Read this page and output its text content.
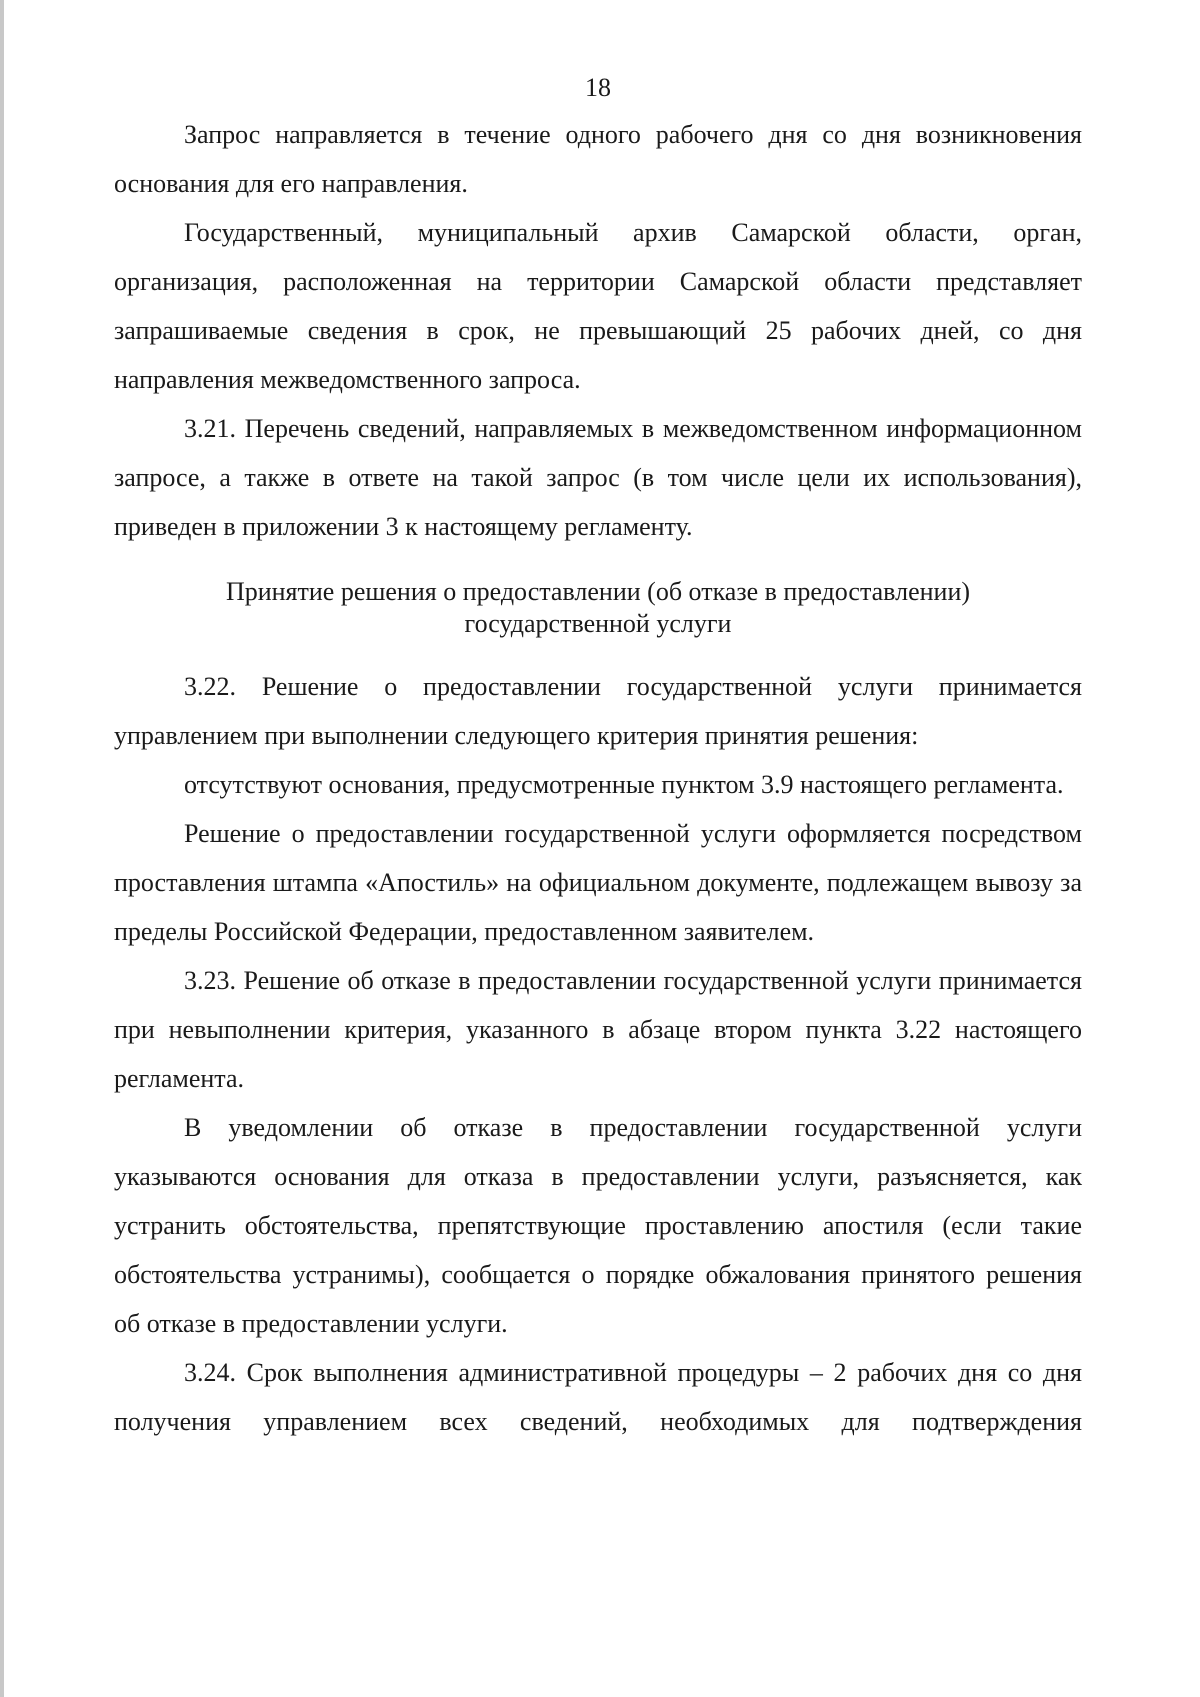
18

Запрос направляется в течение одного рабочего дня со дня возникновения основания для его направления.

Государственный, муниципальный архив Самарской области, орган, организация, расположенная на территории Самарской области представляет запрашиваемые сведения в срок, не превышающий 25 рабочих дней, со дня направления межведомственного запроса.

3.21. Перечень сведений, направляемых в межведомственном информационном запросе, а также в ответе на такой запрос (в том числе цели их использования), приведен в приложении 3 к настоящему регламенту.

Принятие решения о предоставлении (об отказе в предоставлении)
государственной услуги

3.22. Решение о предоставлении государственной услуги принимается управлением при выполнении следующего критерия принятия решения:

отсутствуют основания, предусмотренные пунктом 3.9 настоящего регламента.

Решение о предоставлении государственной услуги оформляется посредством проставления штампа «Апостиль» на официальном документе, подлежащем вывозу за пределы Российской Федерации, предоставленном заявителем.

3.23. Решение об отказе в предоставлении государственной услуги принимается при невыполнении критерия, указанного в абзаце втором пункта 3.22 настоящего регламента.

В уведомлении об отказе в предоставлении государственной услуги указываются основания для отказа в предоставлении услуги, разъясняется, как устранить обстоятельства, препятствующие проставлению апостиля (если такие обстоятельства устранимы), сообщается о порядке обжалования принятого решения об отказе в предоставлении услуги.

3.24. Срок выполнения административной процедуры – 2 рабочих дня со дня получения управлением всех сведений, необходимых для подтверждения
